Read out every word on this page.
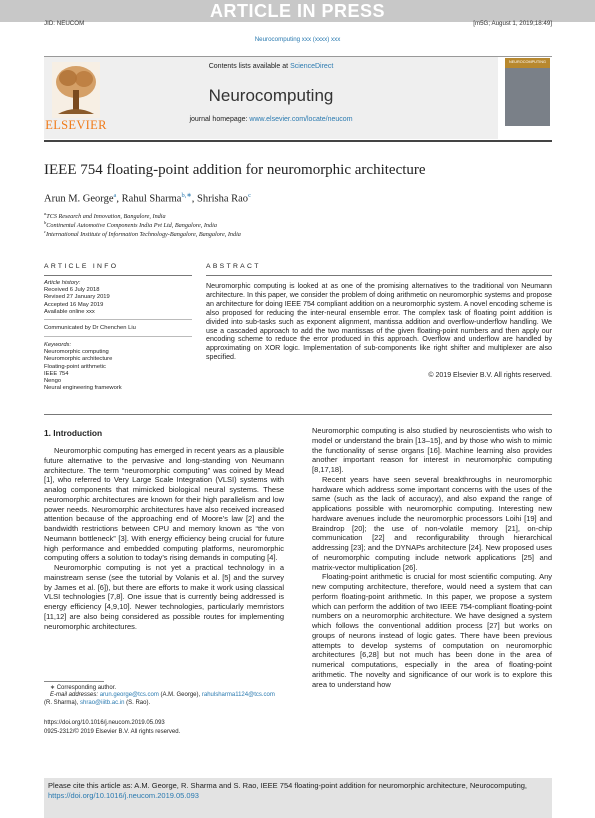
ARTICLE IN PRESS
JID: NEUCOM	[m5G; August 1, 2019;18:49]
Neurocomputing xxx (xxxx) xxx
Contents lists available at ScienceDirect
Neurocomputing
journal homepage: www.elsevier.com/locate/neucom
ELSEVIER
NEUROCOMPUTING
IEEE 754 floating-point addition for neuromorphic architecture
Arun M. George$^a$, Rahul Sharma$^{b,∗}$, Shrisha Rao$^c$
$^a$TCS Research and Innovation, Bangalore, India
$^b$Continental Automotive Components India Pvt Ltd, Bangalore, India
$^c$International Institute of Information Technology-Bangalore, Bangalore, India
ARTICLE INFO
Article history:
Received 6 July 2018
Revised 27 January 2019
Accepted 16 May 2019
Available online xxx
Communicated by Dr Chenchen Liu
Keywords:
Neuromorphic computing
Neuromorphic architecture
Floating-point arithmetic
IEEE 754
Nengo
Neural engineering framework
ABSTRACT
Neuromorphic computing is looked at as one of the promising alternatives to the traditional von Neumann architecture. In this paper, we consider the problem of doing arithmetic on neuromorphic systems and propose an architecture for doing IEEE 754 compliant addition on a neuromorphic system. A novel encoding scheme is also proposed for reducing the inter-neural ensemble error. The complex task of floating point addition is divided into sub-tasks such as exponent alignment, mantissa addition and overflow-underflow handling. We use a cascaded approach to add the two mantissas of the given floating-point numbers and then apply our encoding scheme to reduce the error produced in this approach. Overflow and underflow are handled by approximating on XOR logic. Implementation of sub-components like right shifter and multiplexer are also specified.
© 2019 Elsevier B.V. All rights reserved.
1. Introduction

Neuromorphic computing has emerged in recent years as a plausible future alternative to the pervasive and long-standing von Neumann architecture. The term “neuromorphic computing” was coined by Mead [1], who referred to Very Large Scale Integration (VLSI) systems with analog components that mimicked biological neural systems. These neuromorphic architectures are known for their high parallelism and low power needs. Neuromorphic architectures have also received increased attention because of the approaching end of Moore’s law [2] and the bandwidth restrictions between CPU and memory known as “the von Neumann bottleneck” [3]. With energy efficiency being crucial for future high performance and embedded computing platforms, neuromorphic computing offers a solution to today’s rising demands in computing [4].

Neuromorphic computing is not yet a practical technology in a mainstream sense (see the tutorial by Volanis et al. [5] and the survey by James et al. [6]), but there are efforts to make it work using classical VLSI technologies [7,8]. One issue that is currently being addressed is energy efficiency [4,9,10]. Newer technologies, particularly memristors [11,12] are also being considered as possible routes for implementing neuromorphic architectures.

Neuromorphic computing is also studied by neuroscientists who wish to model or understand the brain [13–15], and by those who wish to mimic the functionality of sense organs [16]. Machine learning also provides another important reason for interest in neuromorphic computing [8,17,18].

Recent years have seen several breakthroughs in neuromorphic hardware which address some important concerns with the uses of the same (such as the lack of accuracy), and also expand the range of applications possible with neuromorphic computing. Interesting new hardware avenues include the neuromorphic processors Loihi [19] and Braindrop [20]; the use of non-volatile memory [21], on-chip communication [22] and reconfigurability through hierarchical addressing [23]; and the DYNAPs architecture [24]. New proposed uses of neuromorphic computing include network applications [25] and matrix-vector multiplication [26].

Floating-point arithmetic is crucial for most scientific computing. Any new computing architecture, therefore, would need a system that can perform floating-point arithmetic. In this paper, we propose a system which can perform the addition of two IEEE 754-compliant floating-point numbers on a neuromorphic architecture. We have designed a system which follows the conventional addition process [27] but works on groups of neurons instead of logic gates. There have been previous attempts to develop systems of computation on neuromorphic architectures [6,28] but not much has been done in the area of numerical computations, especially in the area of floating-point arithmetic. The novelty and significance of our work is to explore this area to understand how

∗ Corresponding author.
E-mail addresses: arun.george@tcs.com (A.M. George), rahulsharma1124@tcs.com
(R. Sharma), shrao@iiitb.ac.in (S. Rao).
https://doi.org/10.1016/j.neucom.2019.05.093
0925-2312/© 2019 Elsevier B.V. All rights reserved.
Please cite this article as: A.M. George, R. Sharma and S. Rao, IEEE 754 floating-point addition for neuromorphic architecture, Neurocomputing, https://doi.org/10.1016/j.neucom.2019.05.093
